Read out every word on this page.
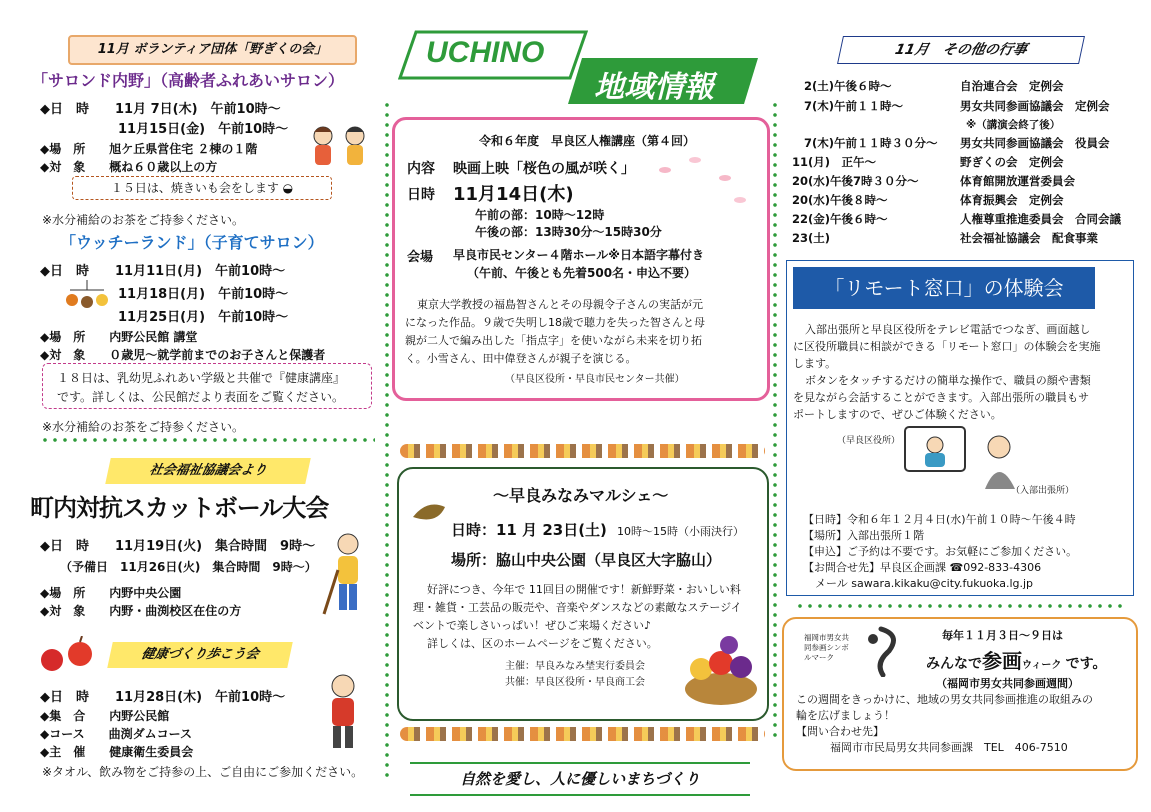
11月 ボランティア団体「野ぎくの会」
「サロンド内野」（高齢者ふれあいサロン）
◆日　時　　11月 7日(木)　午前10時～
11月15日(金)　午前10時～
◆場　所　　旭ケ丘県営住宅 ２棟の１階
◆対　象　　概ね６０歳以上の方
１５日は、焼きいも会をします ◒
※水分補給のお茶をご持参ください。
「ウッチーランド」（子育てサロン）
◆日　時　　11月11日(月)　午前10時～
11月18日(月)　午前10時～
11月25日(月)　午前10時～
◆場　所　　内野公民館 講堂
◆対　象　　０歳児～就学前までのお子さんと保護者
１８日は、乳幼児ふれあい学級と共催で『健康講座』
です。詳しくは、公民館だより表面をご覧ください。
※水分補給のお茶をご持参ください。
社会福祉協議会より
町内対抗スカットボール大会
◆日　時　　11月19日(火)　集合時間　9時～
（予備日　11月26日(火)　集合時間　9時～）
◆場　所　　内野中央公園
◆対　象　　内野・曲渕校区在住の方
健康づくり歩こう会
◆日　時　　11月28日(木)　午前10時～
◆集　合　　内野公民館
◆コース　　曲渕ダムコース
◆主　催　　健康衛生委員会
※タオル、飲み物をご持参の上、ご自由にご参加ください。
UCHINO
地域情報
令和６年度　早良区人権講座（第４回）
内容 映画上映「桜色の風が咲く」
日時 11月14日(木)
午前の部：10時～12時
午後の部：13時30分～15時30分
会場 早良市民センター４階ホール※日本語字幕付き
（午前、午後とも先着500名・申込不要）
東京大学教授の福島智さんとその母親令子さんの実話が元
になった作品。９歳で失明し18歳で聴力を失った智さんと母
親が二人で編み出した「指点字」を使いながら未来を切り拓
く。小雪さん、田中偉登さんが親子を演じる。
（早良区役所・早良市民センター共催）
～早良みなみマルシェ～
日時：11 月 23日(土) 10時～15時（小雨決行）
場所：脇山中央公園（早良区大字脇山）
好評につき、今年で 11回目の開催です！新鮮野菜・おいしい料
理・雑貨・工芸品の販売や、音楽やダンスなどの素敵なステージイ
ベントで楽しさいっぱい！ぜひご来場ください♪
詳しくは、区のホームページをご覧ください。
主催：早良みなみ埜実行委員会
共催：早良区役所・早良商工会
自然を愛し、人に優しいまちづくり
11月　その他の行事
2(土)午後６時～	自治連合会　定例会
7(木)午前１１時～	男女共同参画協議会　定例会
※（講演会終了後）
7(木)午前１１時３０分～ 男女共同参画協議会　役員会
11(月)　正午～	野ぎくの会　定例会
20(水)午後7時３０分～	体育館開放運営委員会
20(水)午後８時～	体育振興会　定例会
22(金)午後６時～	人権尊重推進委員会　合同会議
23(土)	社会福祉協議会　配食事業
「リモート窓口」の体験会
入部出張所と早良区役所をテレビ電話でつなぎ、画面越し
に区役所職員に相談ができる「リモート窓口」の体験会を実施
します。
ボタンをタッチするだけの簡単な操作で、職員の顔や書類
を見ながら会話することができます。入部出張所の職員もサ
ポートしますので、ぜひご体験ください。
（早良区役所）
（入部出張所）
【日時】令和６年１２月４日(水)午前１０時～午後４時
【場所】入部出張所１階
【申込】ご予約は不要です。お気軽にご参加ください。
【お問合せ先】早良区企画課 ☎092-833-4306
メール sawara.kikaku@city.fukuoka.lg.jp
福岡市男女共同参画シンボルマーク
毎年１１月３日～９日は
みんなで参画ウィーク です。
（福岡市男女共同参画週間）
この週間をきっかけに、地域の男女共同参画推進の取組みの
輪を広げましょう！
【問い合わせ先】
福岡市市民局男女共同参画課　TEL　406-7510
